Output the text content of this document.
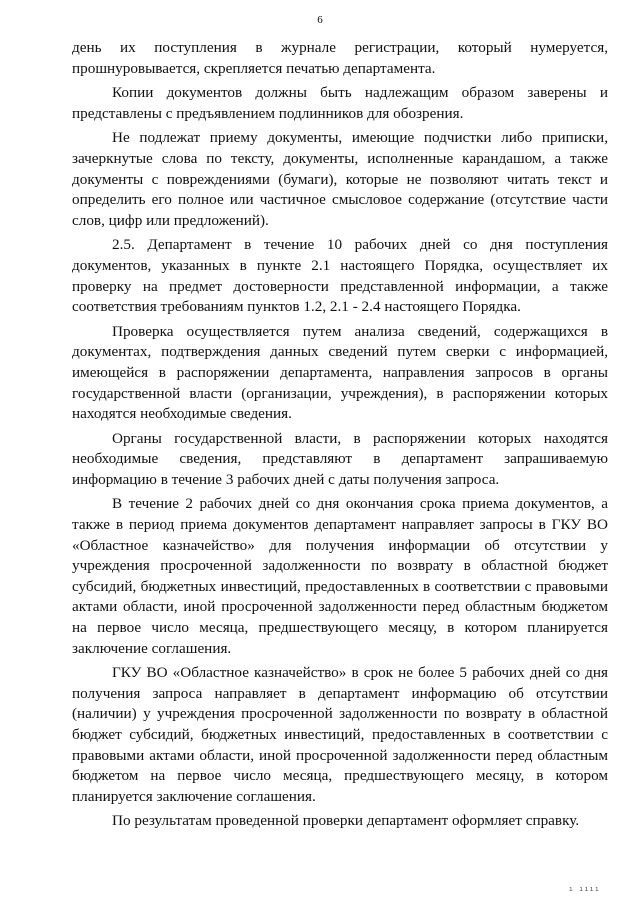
6

день их поступления в журнале регистрации, который нумеруется, прошнуровывается, скрепляется печатью департамента.

Копии документов должны быть надлежащим образом заверены и представлены с предъявлением подлинников для обозрения.

Не подлежат приему документы, имеющие подчистки либо приписки, зачеркнутые слова по тексту, документы, исполненные карандашом, а также документы с повреждениями (бумаги), которые не позволяют читать текст и определить его полное или частичное смысловое содержание (отсутствие части слов, цифр или предложений).

2.5. Департамент в течение 10 рабочих дней со дня поступления документов, указанных в пункте 2.1 настоящего Порядка, осуществляет их проверку на предмет достоверности представленной информации, а также соответствия требованиям пунктов 1.2, 2.1 - 2.4 настоящего Порядка.

Проверка осуществляется путем анализа сведений, содержащихся в документах, подтверждения данных сведений путем сверки с информацией, имеющейся в распоряжении департамента, направления запросов в органы государственной власти (организации, учреждения), в распоряжении которых находятся необходимые сведения.

Органы государственной власти, в распоряжении которых находятся необходимые сведения, представляют в департамент запрашиваемую информацию в течение 3 рабочих дней с даты получения запроса.

В течение 2 рабочих дней со дня окончания срока приема документов, а также в период приема документов департамент направляет запросы в ГКУ ВО «Областное казначейство» для получения информации об отсутствии у учреждения просроченной задолженности по возврату в областной бюджет субсидий, бюджетных инвестиций, предоставленных в соответствии с правовыми актами области, иной просроченной задолженности перед областным бюджетом на первое число месяца, предшествующего месяцу, в котором планируется заключение соглашения.

ГКУ ВО «Областное казначейство» в срок не более 5 рабочих дней со дня получения запроса направляет в департамент информацию об отсутствии (наличии) у учреждения просроченной задолженности по возврату в областной бюджет субсидий, бюджетных инвестиций, предоставленных в соответствии с правовыми актами области, иной просроченной задолженности перед областным бюджетом на первое число месяца, предшествующего месяцу, в котором планируется заключение соглашения.

По результатам проведенной проверки департамент оформляет справку.

ı ıııı
